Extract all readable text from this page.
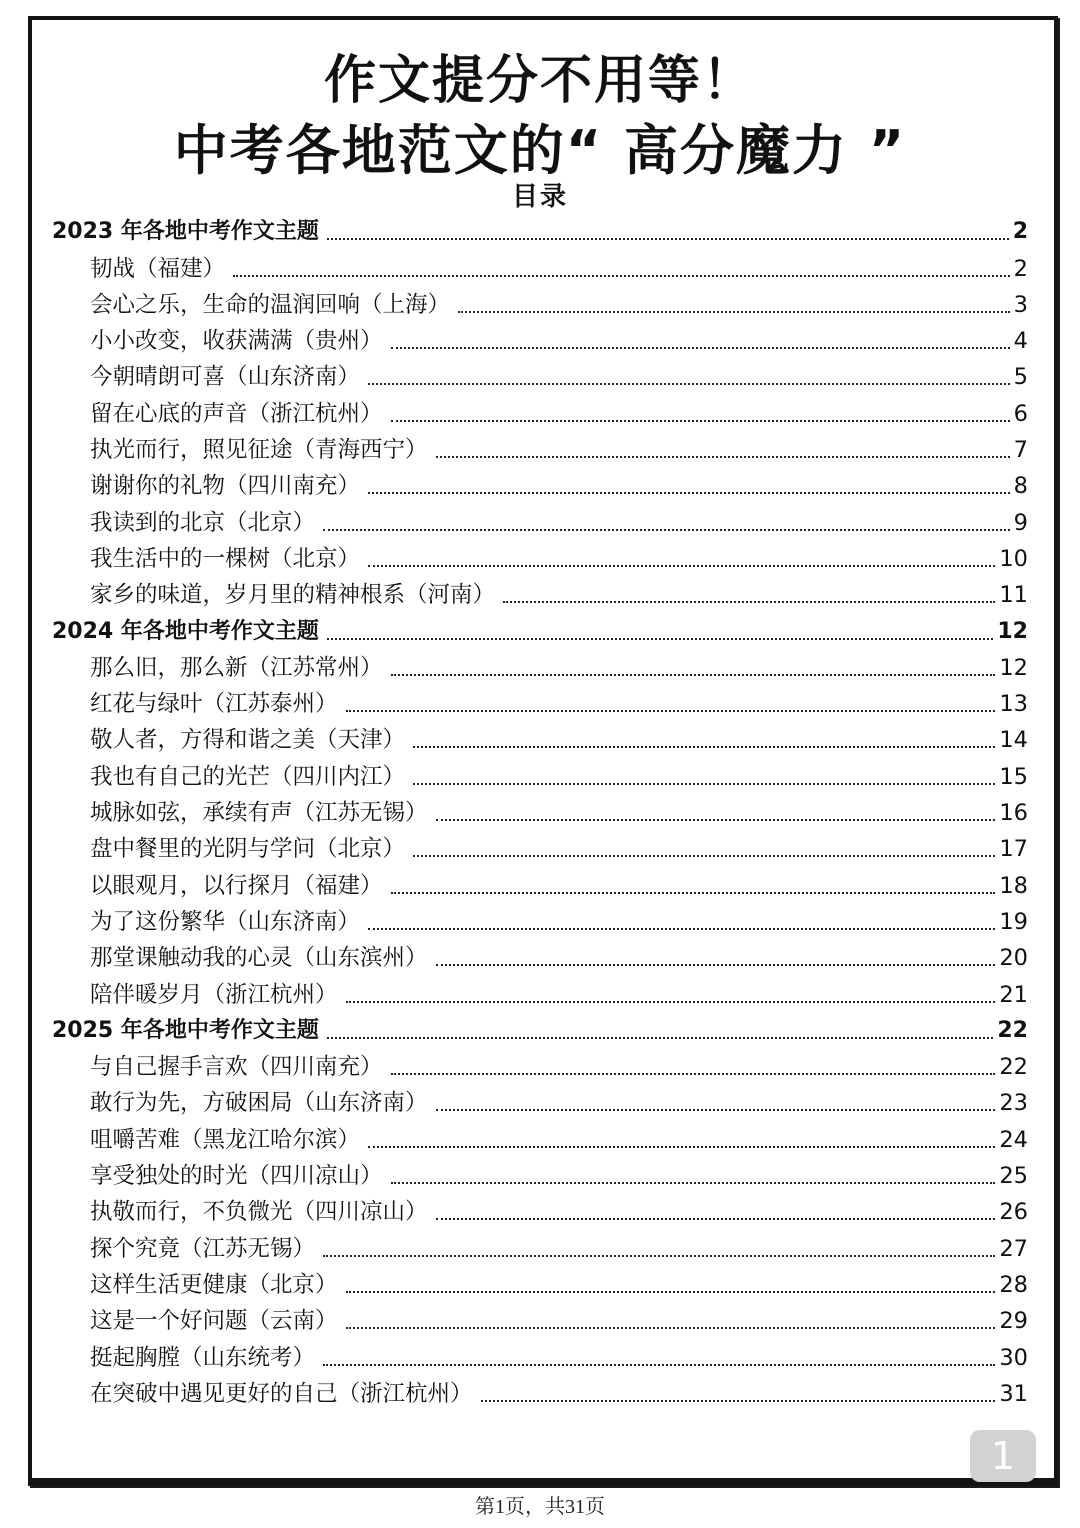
作文提分不用等！
中考各地范文的“ 高分魔力 ”
目录
2023 年各地中考作文主题	2
韧战（福建）	2
会心之乐，生命的温润回响（上海）	3
小小改变，收获满满（贵州）	4
今朝晴朗可喜（山东济南）	5
留在心底的声音（浙江杭州）	6
执光而行，照见征途（青海西宁）	7
谢谢你的礼物（四川南充）	8
我读到的北京（北京）	9
我生活中的一棵树（北京）	10
家乡的味道，岁月里的精神根系（河南）	11
2024 年各地中考作文主题	12
那么旧，那么新（江苏常州）	12
红花与绿叶（江苏泰州）	13
敬人者，方得和谐之美（天津）	14
我也有自己的光芒（四川内江）	15
城脉如弦，承续有声（江苏无锡）	16
盘中餐里的光阴与学问（北京）	17
以眼观月，以行探月（福建）	18
为了这份繁华（山东济南）	19
那堂课触动我的心灵（山东滨州）	20
陪伴暖岁月（浙江杭州）	21
2025 年各地中考作文主题	22
与自己握手言欢（四川南充）	22
敢行为先，方破困局（山东济南）	23
咀嚼苦难（黑龙江哈尔滨）	24
享受独处的时光（四川凉山）	25
执敬而行，不负微光（四川凉山）	26
探个究竟（江苏无锡）	27
这样生活更健康（北京）	28
这是一个好问题（云南）	29
挺起胸膛（山东统考）	30
在突破中遇见更好的自己（浙江杭州）	31
1
第1页，共31页
